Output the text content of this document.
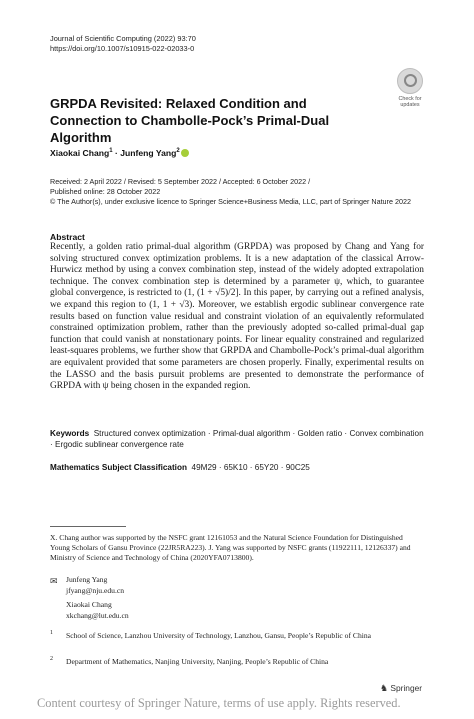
Journal of Scientific Computing (2022) 93:70
https://doi.org/10.1007/s10915-022-02033-0
Check for
updates
GRPDA Revisited: Relaxed Condition and Connection to Chambolle-Pock’s Primal-Dual Algorithm
Xiaokai Chang$^1$ · Junfeng Yang$^2$
Received: 2 April 2022 / Revised: 5 September 2022 / Accepted: 6 October 2022 /
Published online: 28 October 2022
© The Author(s), under exclusive licence to Springer Science+Business Media, LLC, part of Springer Nature 2022
Abstract
Recently, a golden ratio primal-dual algorithm (GRPDA) was proposed by Chang and Yang for solving structured convex optimization problems. It is a new adaptation of the classical Arrow-Hurwicz method by using a convex combination step, instead of the widely adopted extrapolation technique. The convex combination step is determined by a parameter ψ, which, to guarantee global convergence, is restricted to (1, (1 + √5)/2]. In this paper, by carrying out a refined analysis, we expand this region to (1, 1 + √3). Moreover, we establish ergodic sublinear convergence rate results based on function value residual and constraint violation of an equivalently reformulated constrained optimization problem, rather than the previously adopted so-called primal-dual gap function that could vanish at nonstationary points. For linear equality constrained and regularized least-squares problems, we further show that GRPDA and Chambolle-Pock’s primal-dual algorithm are equivalent provided that some parameters are chosen properly. Finally, experimental results on the LASSO and the basis pursuit problems are presented to demonstrate the performance of GRPDA with ψ being chosen in the expanded region.
Keywords Structured convex optimization · Primal-dual algorithm · Golden ratio · Convex combination · Ergodic sublinear convergence rate
Mathematics Subject Classification 49M29 · 65K10 · 65Y20 · 90C25
X. Chang author was supported by the NSFC grant 12161053 and the Natural Science Foundation for Distinguished Young Scholars of Gansu Province (22JR5RA223). J. Yang was supported by NSFC grants (11922111, 12126337) and Ministry of Science and Technology of China (2020YFA0713800).
✉ Junfeng Yang
jfyang@nju.edu.cn
Xiaokai Chang
xkchang@lut.edu.cn
1 School of Science, Lanzhou University of Technology, Lanzhou, Gansu, People’s Republic of China
2 Department of Mathematics, Nanjing University, Nanjing, People’s Republic of China
♞ Springer
Content courtesy of Springer Nature, terms of use apply. Rights reserved.
